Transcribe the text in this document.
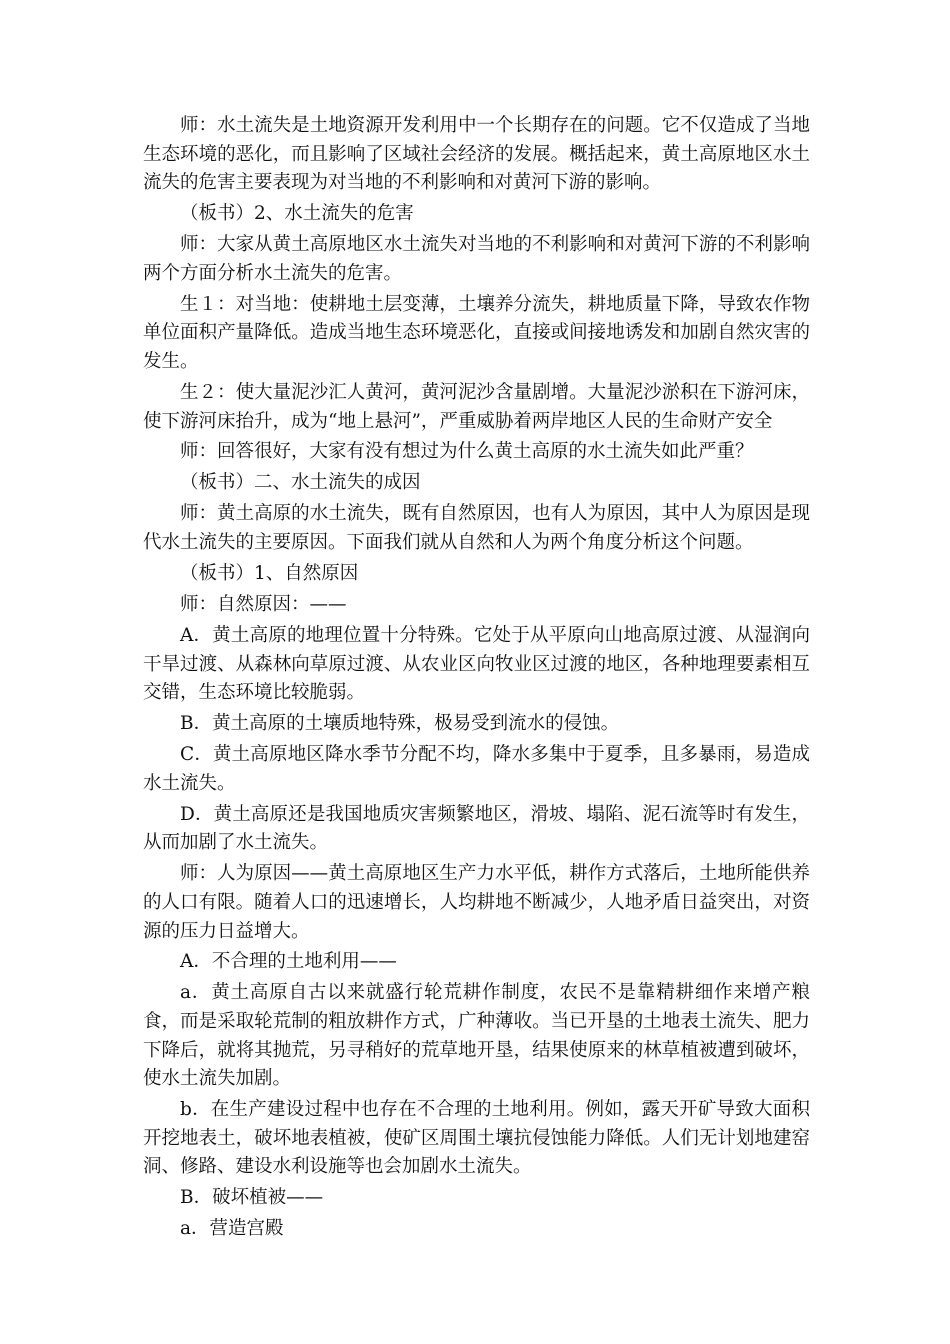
师：水土流失是土地资源开发利用中一个长期存在的问题。它不仅造成了当地生态环境的恶化，而且影响了区域社会经济的发展。概括起来，黄土高原地区水土流失的危害主要表现为对当地的不利影响和对黄河下游的影响。

（板书）2、水土流失的危害

师：大家从黄土高原地区水土流失对当地的不利影响和对黄河下游的不利影响两个方面分析水土流失的危害。

生１：对当地：使耕地土层变薄，土壤养分流失，耕地质量下降，导致农作物单位面积产量降低。造成当地生态环境恶化，直接或间接地诱发和加剧自然灾害的发生。

生２：使大量泥沙汇人黄河，黄河泥沙含量剧增。大量泥沙淤积在下游河床，使下游河床抬升，成为“地上悬河”，严重威胁着两岸地区人民的生命财产安全

师：回答很好，大家有没有想过为什么黄土高原的水土流失如此严重？

（板书）二、水土流失的成因

师：黄土高原的水土流失，既有自然原因，也有人为原因，其中人为原因是现代水土流失的主要原因。下面我们就从自然和人为两个角度分析这个问题。

（板书）1、自然原因

师：自然原因：——

A．黄土高原的地理位置十分特殊。它处于从平原向山地高原过渡、从湿润向干旱过渡、从森林向草原过渡、从农业区向牧业区过渡的地区，各种地理要素相互交错，生态环境比较脆弱。

B．黄土高原的土壤质地特殊，极易受到流水的侵蚀。

C．黄土高原地区降水季节分配不均，降水多集中于夏季，且多暴雨，易造成水土流失。

D．黄土高原还是我国地质灾害频繁地区，滑坡、塌陷、泥石流等时有发生，从而加剧了水土流失。

师：人为原因——黄土高原地区生产力水平低，耕作方式落后，土地所能供养的人口有限。随着人口的迅速增长，人均耕地不断减少，人地矛盾日益突出，对资源的压力日益增大。

A．不合理的土地利用——

a．黄土高原自古以来就盛行轮荒耕作制度，农民不是靠精耕细作来增产粮食，而是采取轮荒制的粗放耕作方式，广种薄收。当已开垦的土地表土流失、肥力下降后，就将其抛荒，另寻稍好的荒草地开垦，结果使原来的林草植被遭到破坏，使水土流失加剧。

b．在生产建设过程中也存在不合理的土地利用。例如，露天开矿导致大面积开挖地表土，破坏地表植被，使矿区周围土壤抗侵蚀能力降低。人们无计划地建窑洞、修路、建设水利设施等也会加剧水土流失。

B．破坏植被——

a．营造宫殿
